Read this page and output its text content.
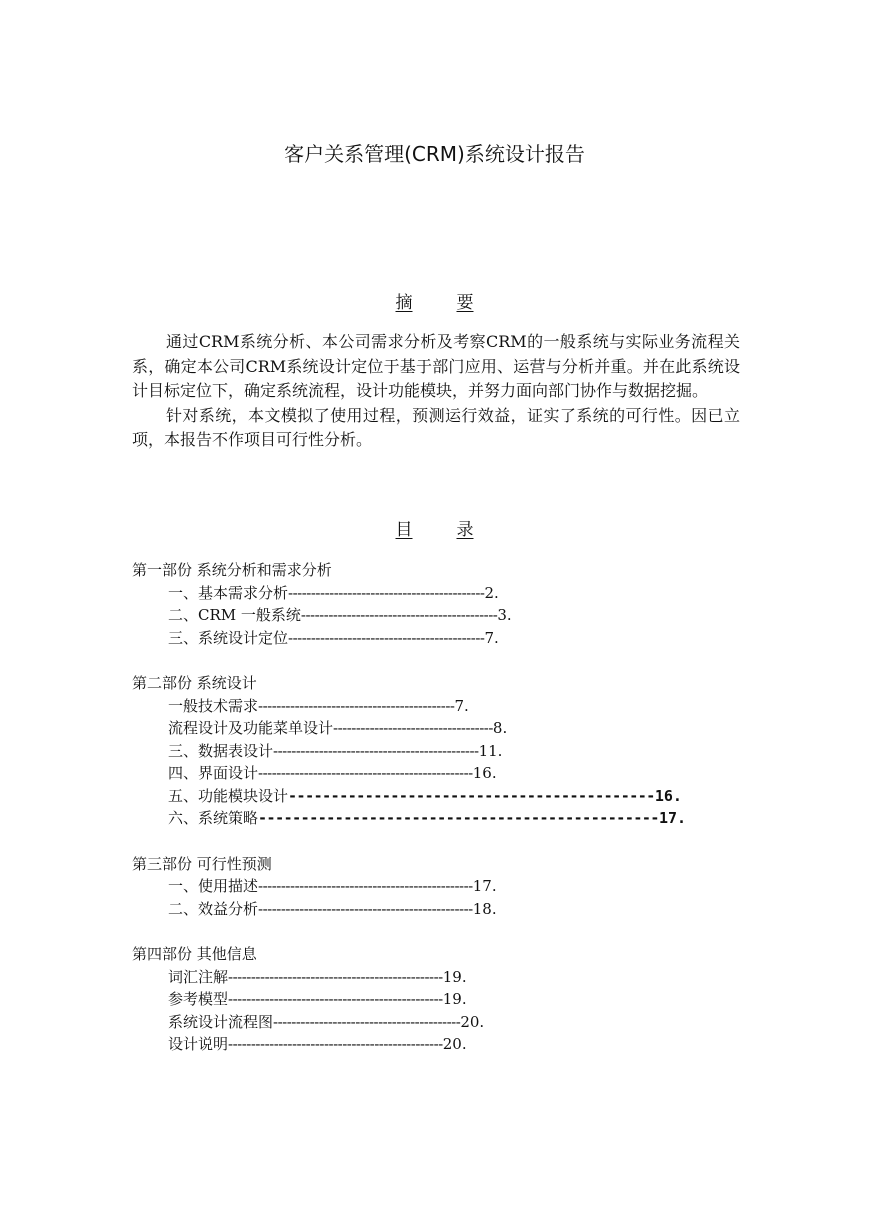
客户关系管理(CRM)系统设计报告
摘	要

通过CRM系统分析、本公司需求分析及考察CRM的一般系统与实际业务流程关系，确定本公司CRM系统设计定位于基于部门应用、运营与分析并重。并在此系统设计目标定位下，确定系统流程，设计功能模块，并努力面向部门协作与数据挖掘。

针对系统，本文模拟了使用过程，预测运行效益，证实了系统的可行性。因已立项，本报告不作项目可行性分析。

目	录
第一部份 系统分析和需求分析
一、基本需求分析-------------------------------------------2.
二、CRM 一般系统-------------------------------------------3.
三、系统设计定位-------------------------------------------7.
第二部份 系统设计
一般技术需求-------------------------------------------7.
流程设计及功能菜单设计-----------------------------------8.
三、数据表设计---------------------------------------------11.
四、界面设计-----------------------------------------------16.
五、功能模块设计-------------------------------------------16.
六、系统策略-----------------------------------------------17.
第三部份 可行性预测
一、使用描述-----------------------------------------------17.
二、效益分析-----------------------------------------------18.
第四部份 其他信息
词汇注解-----------------------------------------------19.
参考模型-----------------------------------------------19.
系统设计流程图-----------------------------------------20.
设计说明-----------------------------------------------20.
